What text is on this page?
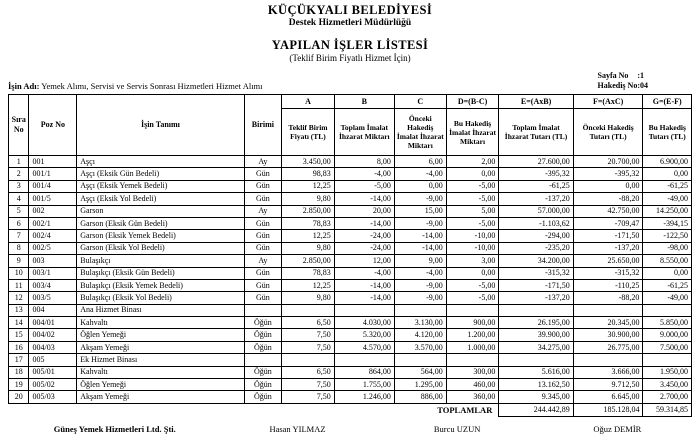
KÜÇÜKYALI BELEDİYESİ
Destek Hizmetleri Müdürlüğü
YAPILAN İŞLER LİSTESİ
(Teklif Birim Fiyatlı Hizmet İçin)
İşin Adı: Yemek Alımı, Servisi ve Servis Sonrası Hizmetleri Hizmet Alımı
Sayfa No	:1
Hakediş No	:04
Sıra No	Poz No	İşin Tanımı	Birimi	A	B	C	D=(B-C)	E=(AxB)	F=(AxC)	G=(E-F)
				Teklif Birim Fiyatı (TL)	Toplam İmalat İhzarat Miktarı	Önceki Hakediş İmalat İhzarat Miktarı	Bu Hakediş İmalat İhzarat Miktarı	Toplam İmalat İhzarat Tutarı (TL)	Önceki Hakediş Tutarı (TL)	Bu Hakediş Tutarı (TL)
1	001	Aşçı	Ay	3.450,00	8,00	6,00	2,00	27.600,00	20.700,00	6.900,00
2	001/1	Aşçı (Eksik Gün Bedeli)	Gün	98,83	-4,00	-4,00	0,00	-395,32	-395,32	0,00
3	001/4	Aşçı (Eksik Yemek Bedeli)	Gün	12,25	-5,00	0,00	-5,00	-61,25	0,00	-61,25
4	001/5	Aşçı (Eksik Yol Bedeli)	Gün	9,80	-14,00	-9,00	-5,00	-137,20	-88,20	-49,00
5	002	Garson	Ay	2.850,00	20,00	15,00	5,00	57.000,00	42.750,00	14.250,00
6	002/1	Garson (Eksik Gün Bedeli)	Gün	78,83	-14,00	-9,00	-5,00	-1.103,62	-709,47	-394,15
7	002/4	Garson (Eksik Yemek Bedeli)	Gün	12,25	-24,00	-14,00	-10,00	-294,00	-171,50	-122,50
8	002/5	Garson (Eksik Yol Bedeli)	Gün	9,80	-24,00	-14,00	-10,00	-235,20	-137,20	-98,00
9	003	Bulaşıkçı	Ay	2.850,00	12,00	9,00	3,00	34.200,00	25.650,00	8.550,00
10	003/1	Bulaşıkçı (Eksik Gün Bedeli)	Gün	78,83	-4,00	-4,00	0,00	-315,32	-315,32	0,00
11	003/4	Bulaşıkçı (Eksik Yemek Bedeli)	Gün	12,25	-14,00	-9,00	-5,00	-171,50	-110,25	-61,25
12	003/5	Bulaşıkçı (Eksik Yol Bedeli)	Gün	9,80	-14,00	-9,00	-5,00	-137,20	-88,20	-49,00
13	004	Ana Hizmet Binası								
14	004/01	Kahvaltı	Öğün	6,50	4.030,00	3.130,00	900,00	26.195,00	20.345,00	5.850,00
15	004/02	Öğlen Yemeği	Öğün	7,50	5.320,00	4.120,00	1.200,00	39.900,00	30.900,00	9.000,00
16	004/03	Akşam Yemeği	Öğün	7,50	4.570,00	3.570,00	1.000,00	34.275,00	26.775,00	7.500,00
17	005	Ek Hizmet Binası								
18	005/01	Kahvaltı	Öğün	6,50	864,00	564,00	300,00	5.616,00	3.666,00	1.950,00
19	005/02	Öğlen Yemeği	Öğün	7,50	1.755,00	1.295,00	460,00	13.162,50	9.712,50	3.450,00
20	005/03	Akşam Yemeği	Öğün	7,50	1.246,00	886,00	360,00	9.345,00	6.645,00	2.700,00
TOPLAMLAR								244.442,89	185.128,04	59.314,85
Güneş Yemek Hizmetleri Ltd. Şti.	Hasan YILMAZ	Burcu UZUN	Oğuz DEMİR
